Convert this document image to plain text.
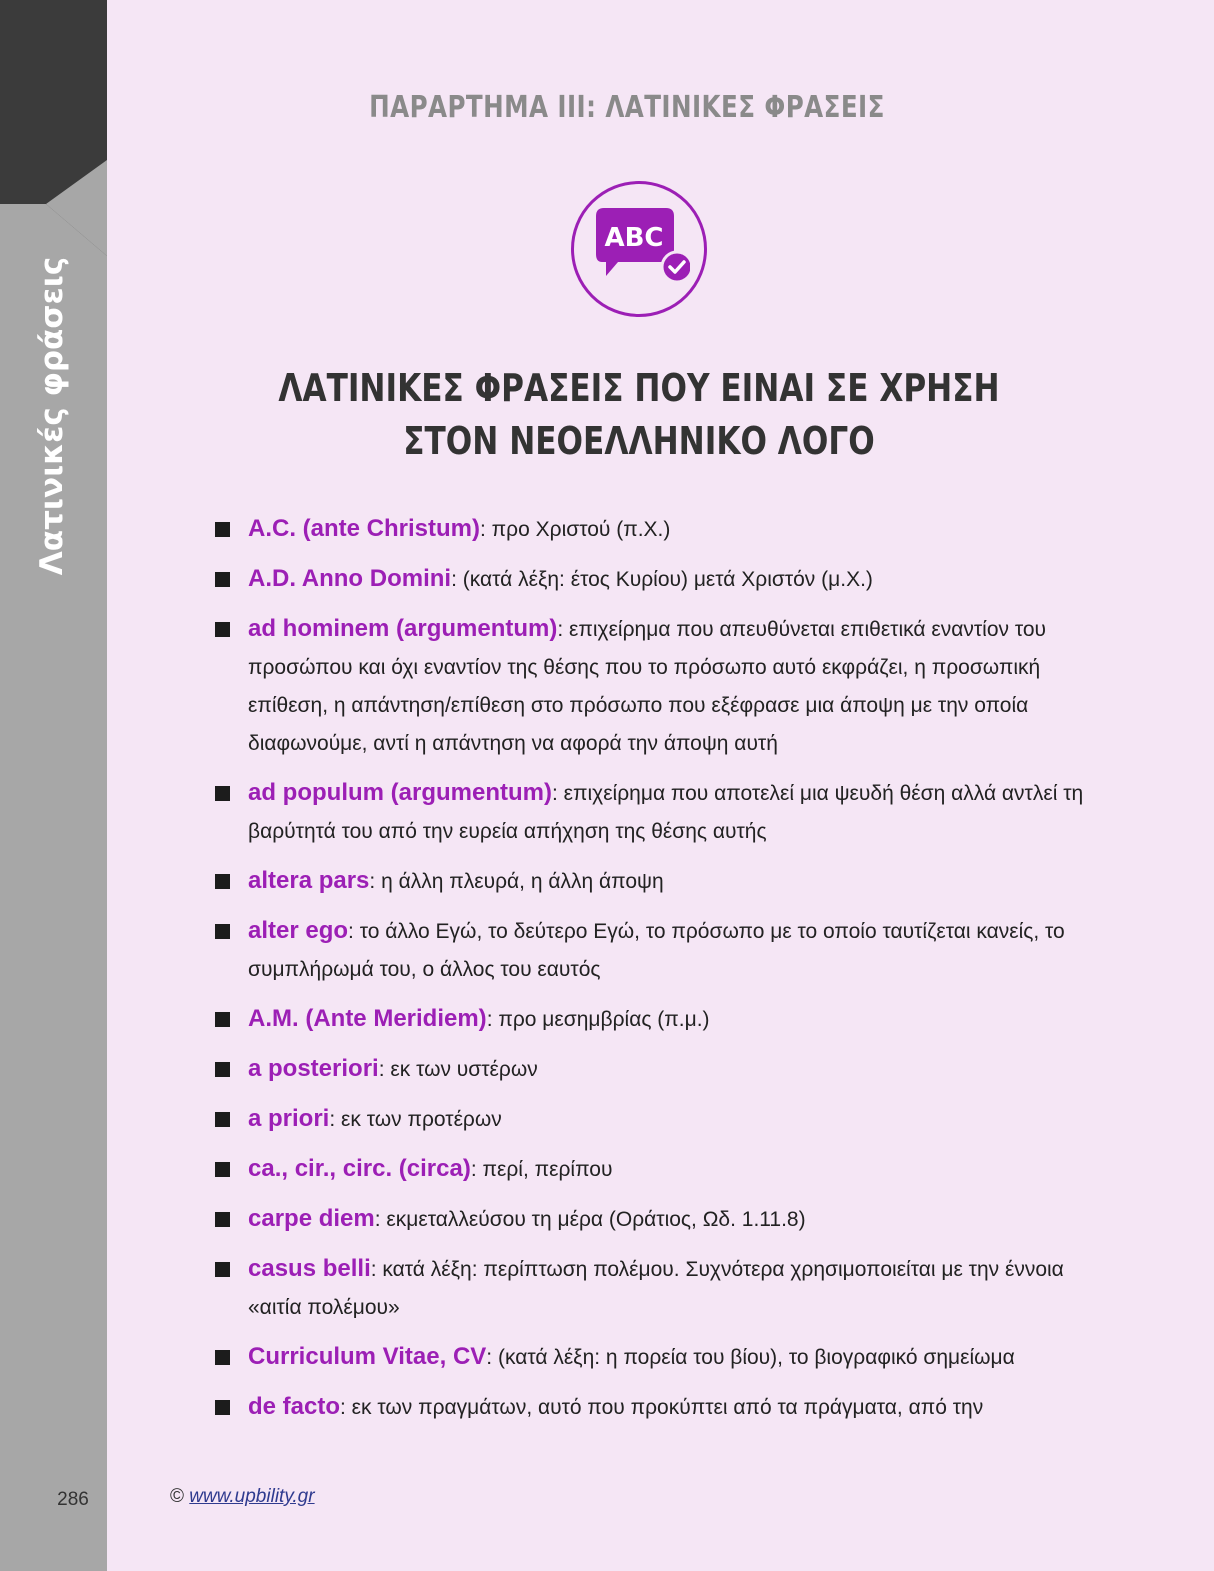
Λατινικές φράσεις
286
ΠΑΡΑΡΤΗΜΑ III: ΛΑΤΙΝΙΚΕΣ ΦΡΑΣΕΙΣ
ABC
ΛΑΤΙΝΙΚΕΣ ΦΡΑΣΕΙΣ ΠΟΥ ΕΙΝΑΙ ΣΕ ΧΡΗΣΗ
ΣΤΟΝ ΝΕΟΕΛΛΗΝΙΚΟ ΛΟΓΟ
A.C. (ante Christum): προ Χριστού (π.Χ.)
A.D. Anno Domini: (κατά λέξη: έτος Κυρίου) μετά Χριστόν (μ.Χ.)
ad hominem (argumentum): επιχείρημα που απευθύνεται επιθετικά εναντίον του προσώπου και όχι εναντίον της θέσης που το πρόσωπο αυτό εκφράζει, η προσωπική επίθεση, η απάντηση/επίθεση στο πρόσωπο που εξέφρασε μια άποψη με την οποία διαφωνούμε, αντί η απάντηση να αφορά την άποψη αυτή
ad populum (argumentum): επιχείρημα που αποτελεί μια ψευδή θέση αλλά αντλεί τη βαρύτητά του από την ευρεία απήχηση της θέσης αυτής
altera pars: η άλλη πλευρά, η άλλη άποψη
alter ego: το άλλο Εγώ, το δεύτερο Εγώ, το πρόσωπο με το οποίο ταυτίζεται κανείς, το συμπλήρωμά του, ο άλλος του εαυτός
A.M. (Ante Meridiem): προ μεσημβρίας (π.μ.)
a posteriori: εκ των υστέρων
a priori: εκ των προτέρων
ca., cir., circ. (circa): περί, περίπου
carpe diem: εκμεταλλεύσου τη μέρα (Οράτιος, Ωδ. 1.11.8)
casus belli: κατά λέξη: περίπτωση πολέμου. Συχνότερα χρησιμοποιείται με την έννοια «αιτία πολέμου»
Curriculum Vitae, CV: (κατά λέξη: η πορεία του βίου), το βιογραφικό σημείωμα
de facto: εκ των πραγμάτων, αυτό που προκύπτει από τα πράγματα, από την
© www.upbility.gr
